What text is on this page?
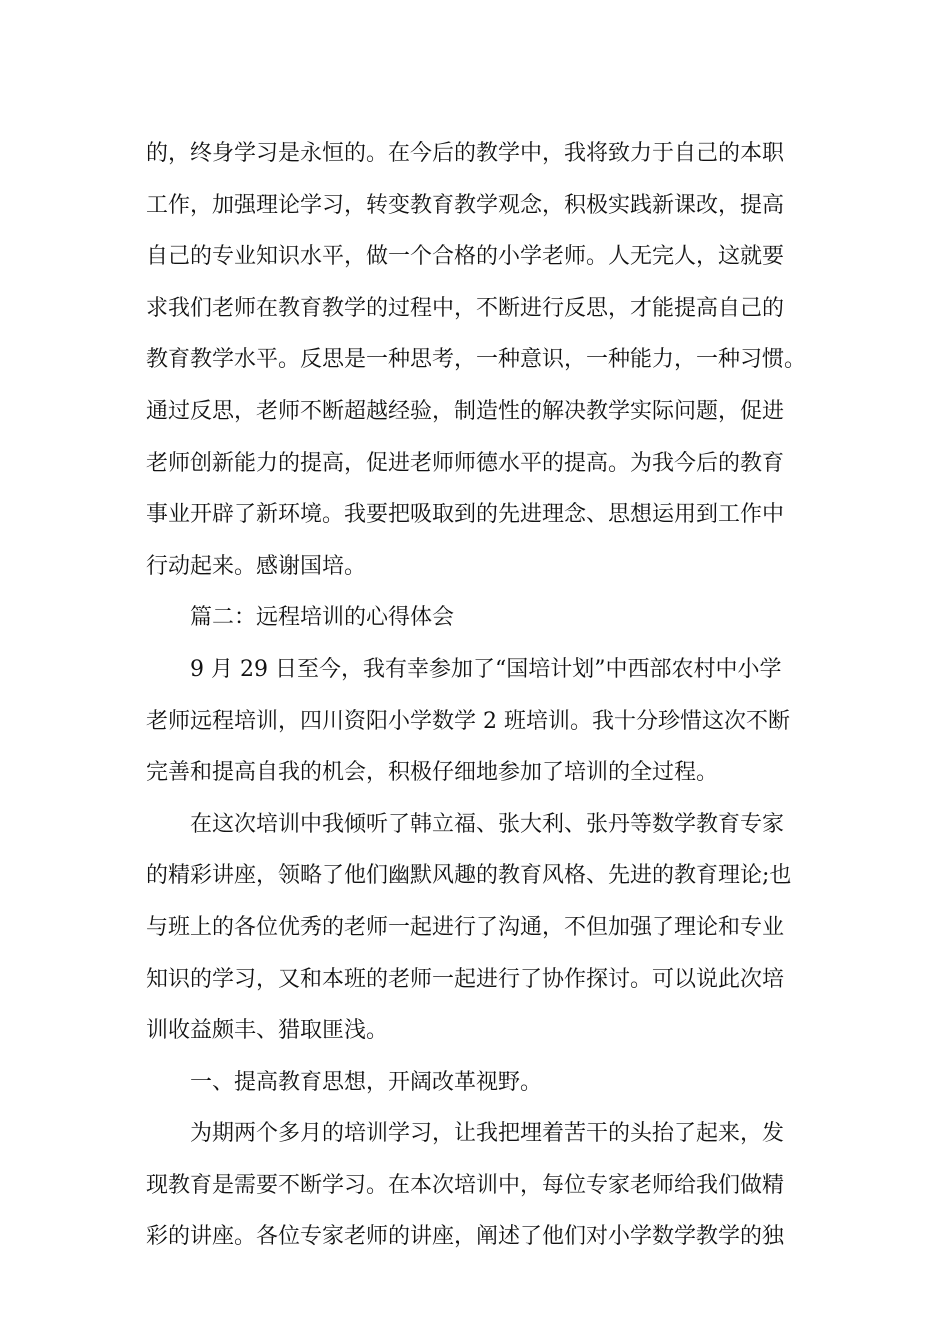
的，终身学习是永恒的。在今后的教学中，我将致力于自己的本职
工作，加强理论学习，转变教育教学观念，积极实践新课改，提高
自己的专业知识水平，做一个合格的小学老师。人无完人，这就要
求我们老师在教育教学的过程中，不断进行反思，才能提高自己的
教育教学水平。反思是一种思考，一种意识，一种能力，一种习惯。
通过反思，老师不断超越经验，制造性的解决教学实际问题，促进
老师创新能力的提高，促进老师师德水平的提高。为我今后的教育
事业开辟了新环境。我要把吸取到的先进理念、思想运用到工作中
行动起来。感谢国培。
篇二：远程培训的心得体会
9 月 29 日至今，我有幸参加了“国培计划”中西部农村中小学
老师远程培训，四川资阳小学数学 2 班培训。我十分珍惜这次不断
完善和提高自我的机会，积极仔细地参加了培训的全过程。
在这次培训中我倾听了韩立福、张大利、张丹等数学教育专家
的精彩讲座，领略了他们幽默风趣的教育风格、先进的教育理论;也
与班上的各位优秀的老师一起进行了沟通，不但加强了理论和专业
知识的学习，又和本班的老师一起进行了协作探讨。可以说此次培
训收益颇丰、猎取匪浅。
一、提高教育思想，开阔改革视野。
为期两个多月的培训学习，让我把埋着苦干的头抬了起来，发
现教育是需要不断学习。在本次培训中，每位专家老师给我们做精
彩的讲座。各位专家老师的讲座，阐述了他们对小学数学教学的独
